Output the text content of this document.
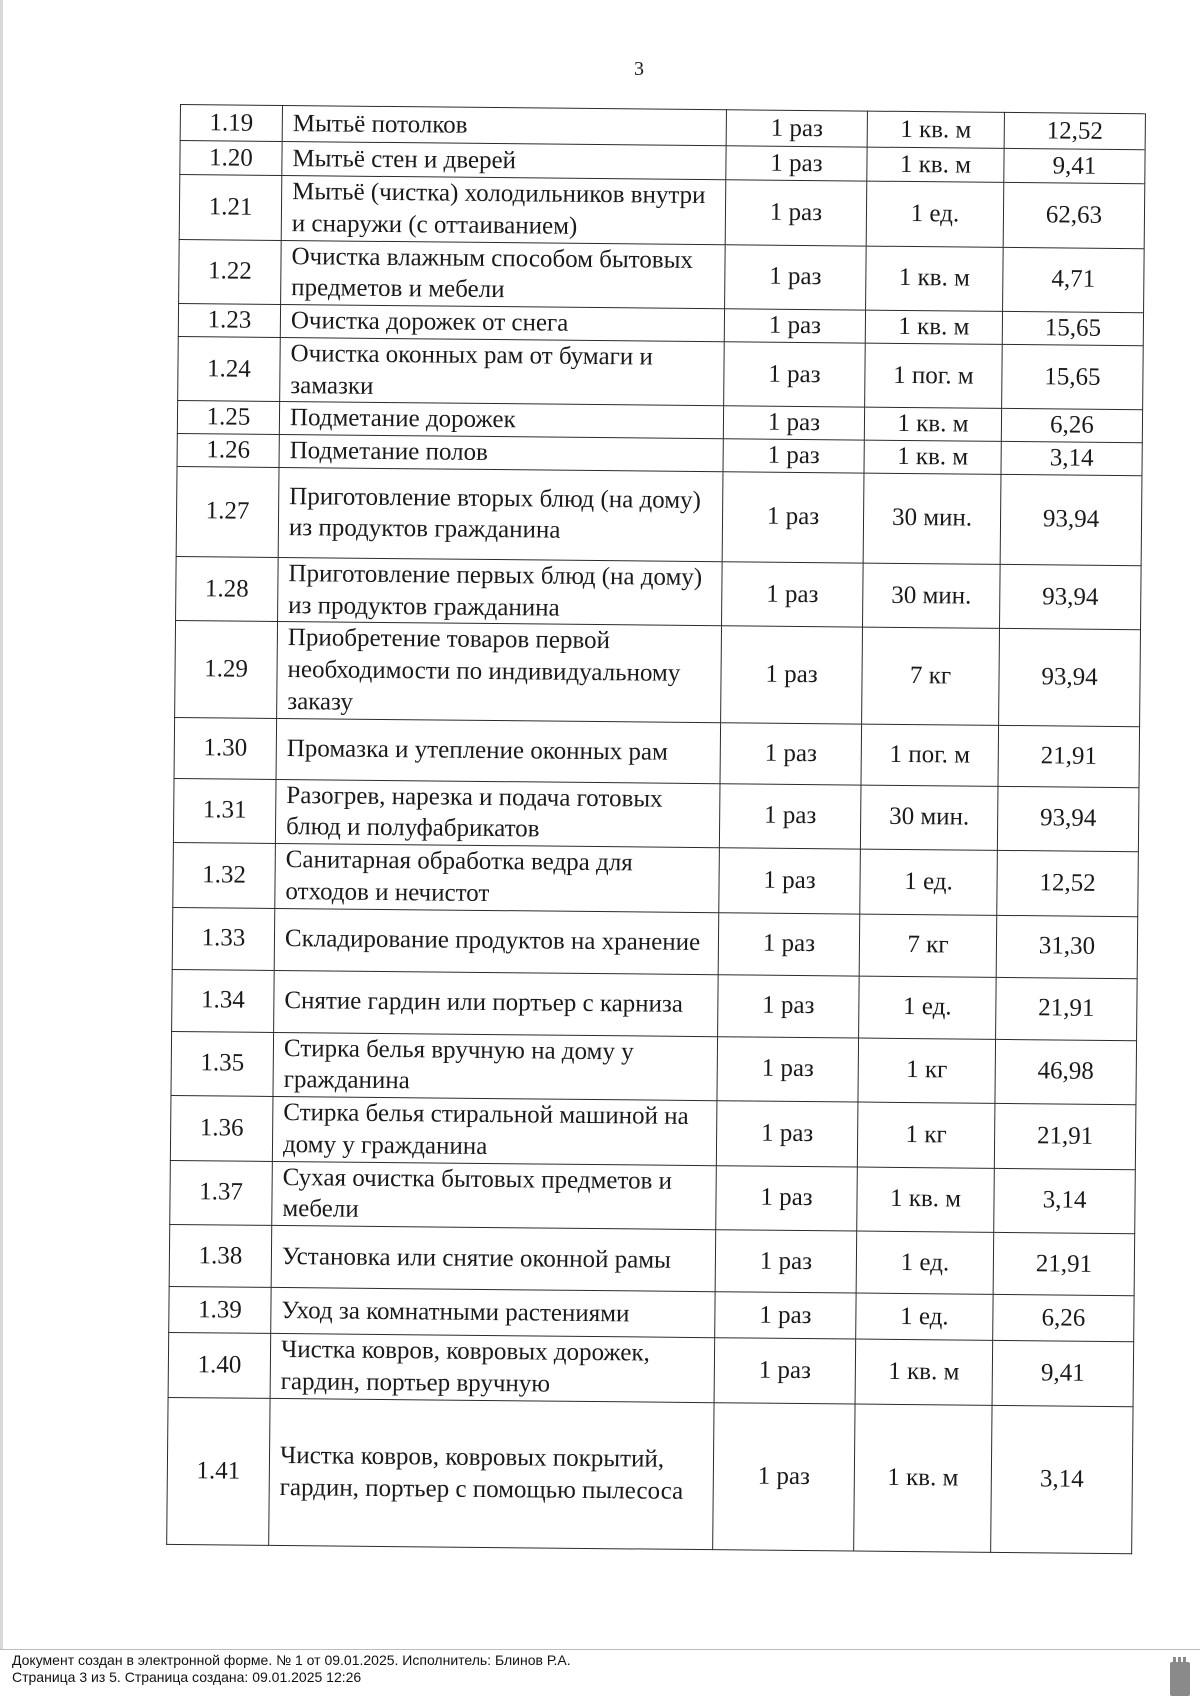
3
1.19	Мытьё потолков	1 раз	1 кв. м	12,52
1.20	Мытьё стен и дверей	1 раз	1 кв. м	9,41
1.21	Мытьё (чистка) холодильников внутри и снаружи (с оттаиванием)	1 раз	1 ед.	62,63
1.22	Очистка влажным способом бытовых предметов и мебели	1 раз	1 кв. м	4,71
1.23	Очистка дорожек от снега	1 раз	1 кв. м	15,65
1.24	Очистка оконных рам от бумаги и замазки	1 раз	1 пог. м	15,65
1.25	Подметание дорожек	1 раз	1 кв. м	6,26
1.26	Подметание полов	1 раз	1 кв. м	3,14
1.27	Приготовление вторых блюд (на дому) из продуктов гражданина	1 раз	30 мин.	93,94
1.28	Приготовление первых блюд (на дому) из продуктов гражданина	1 раз	30 мин.	93,94
1.29	Приобретение товаров первой необходимости по индивидуальному заказу	1 раз	7 кг	93,94
1.30	Промазка и утепление оконных рам	1 раз	1 пог. м	21,91
1.31	Разогрев, нарезка и подача готовых блюд и полуфабрикатов	1 раз	30 мин.	93,94
1.32	Санитарная обработка ведра для отходов и нечистот	1 раз	1 ед.	12,52
1.33	Складирование продуктов на хранение	1 раз	7 кг	31,30
1.34	Снятие гардин или портьер с карниза	1 раз	1 ед.	21,91
1.35	Стирка белья вручную на дому у гражданина	1 раз	1 кг	46,98
1.36	Стирка белья стиральной машиной на дому у гражданина	1 раз	1 кг	21,91
1.37	Сухая очистка бытовых предметов и мебели	1 раз	1 кв. м	3,14
1.38	Установка или снятие оконной рамы	1 раз	1 ед.	21,91
1.39	Уход за комнатными растениями	1 раз	1 ед.	6,26
1.40	Чистка ковров, ковровых дорожек, гардин, портьер вручную	1 раз	1 кв. м	9,41
1.41	Чистка ковров, ковровых покрытий, гардин, портьер с помощью пылесоса	1 раз	1 кв. м	3,14
Документ создан в электронной форме. № 1 от 09.01.2025. Исполнитель: Блинов Р.А.
Страница 3 из 5. Страница создана: 09.01.2025 12:26
